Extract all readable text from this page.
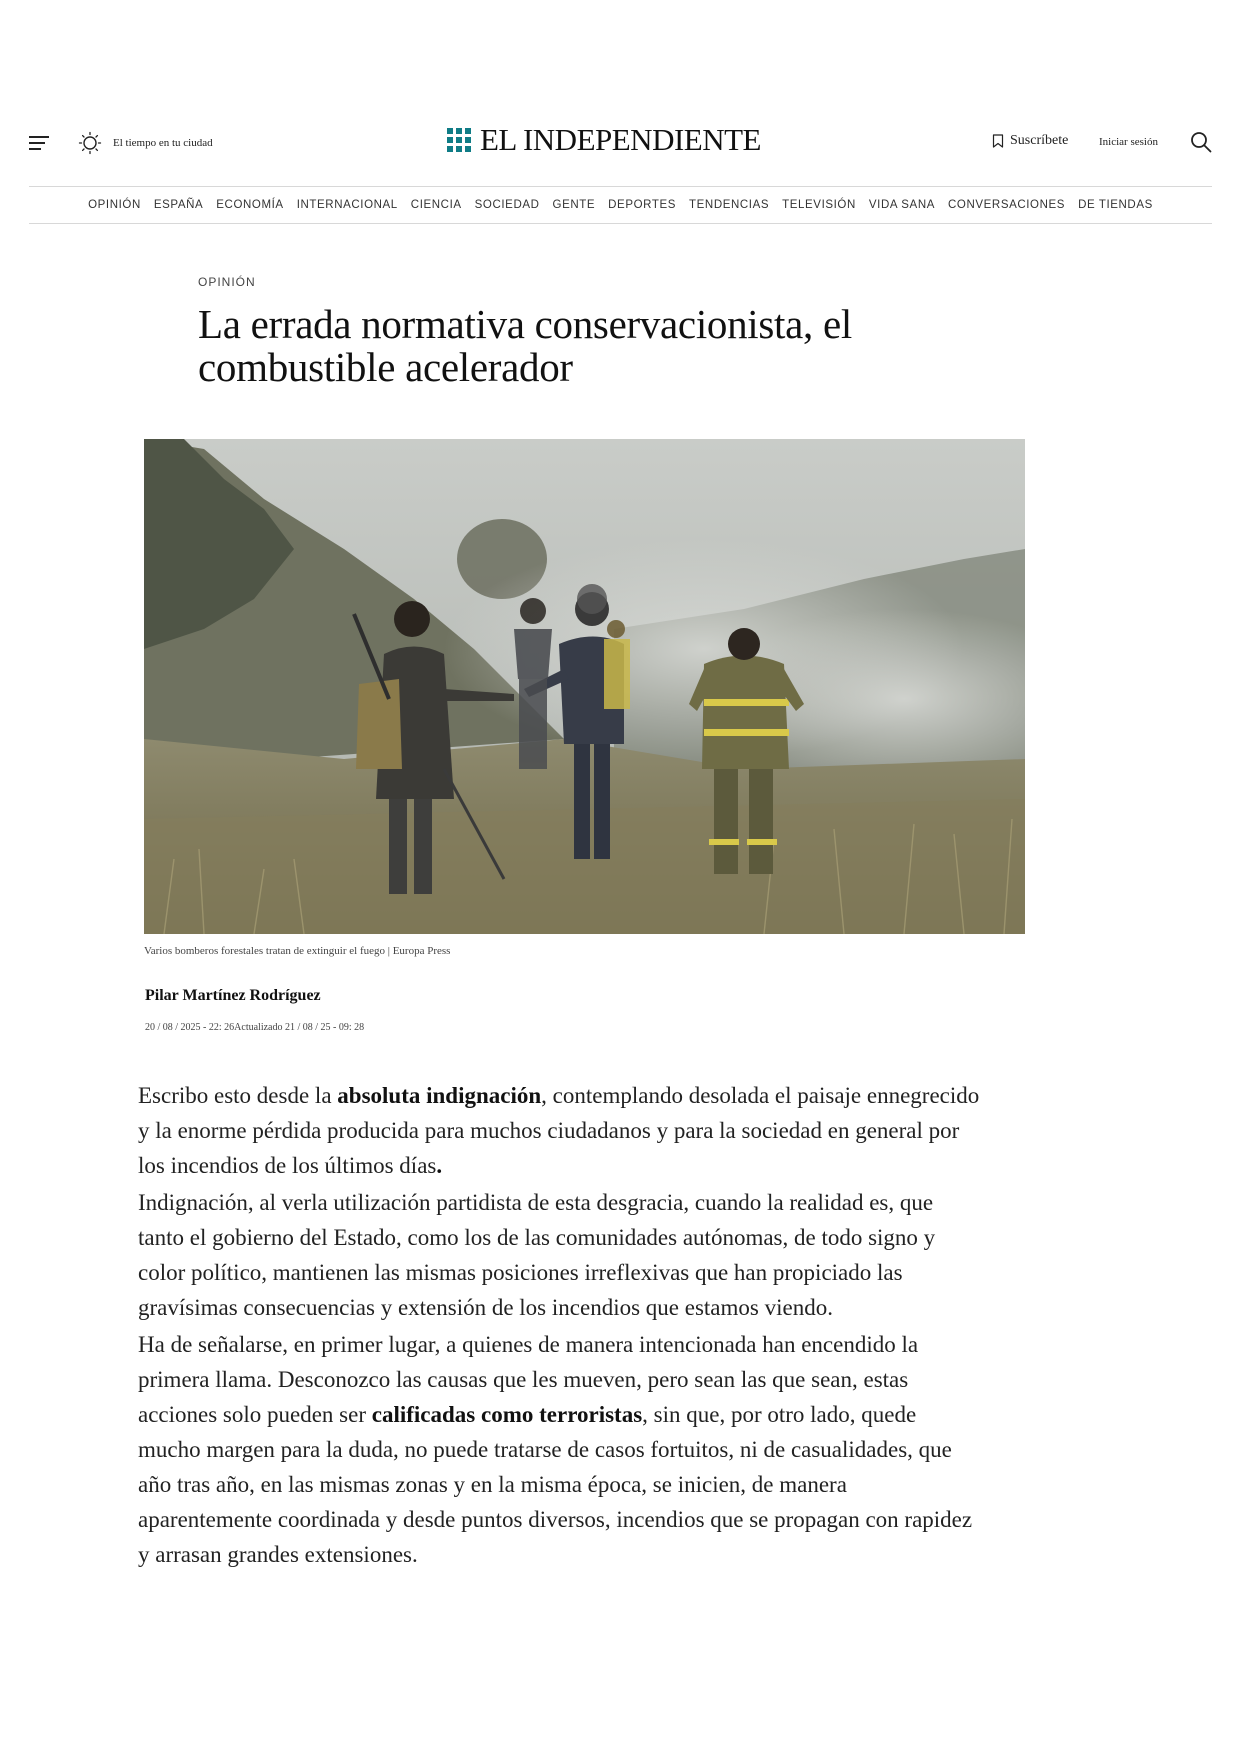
El tiempo en tu ciudad	EL INDEPENDIENTE	Suscríbete	Iniciar sesión
OPINIÓN ESPAÑA ECONOMÍA INTERNACIONAL CIENCIA SOCIEDAD GENTE DEPORTES TENDENCIAS TELEVISIÓN VIDA SANA CONVERSACIONES DE TIENDAS
OPINIÓN
La errada normativa conservacionista, el combustible acelerador
Varios bomberos forestales tratan de extinguir el fuego | Europa Press
Pilar Martínez Rodríguez
20 / 08 / 2025 - 22: 26Actualizado 21 / 08 / 25 - 09: 28

Escribo esto desde la absoluta indignación, contemplando desolada el paisaje ennegrecido y la enorme pérdida producida para muchos ciudadanos y para la sociedad en general por los incendios de los últimos días.

Indignación, al verla utilización partidista de esta desgracia, cuando la realidad es, que tanto el gobierno del Estado, como los de las comunidades autónomas, de todo signo y color político, mantienen las mismas posiciones irreflexivas que han propiciado las gravísimas consecuencias y extensión de los incendios que estamos viendo.

Ha de señalarse, en primer lugar, a quienes de manera intencionada han encendido la primera llama. Desconozco las causas que les mueven, pero sean las que sean, estas acciones solo pueden ser calificadas como terroristas, sin que, por otro lado, quede mucho margen para la duda, no puede tratarse de casos fortuitos, ni de casualidades, que año tras año, en las mismas zonas y en la misma época, se inicien, de manera aparentemente coordinada y desde puntos diversos, incendios que se propagan con rapidez y arrasan grandes extensiones.
